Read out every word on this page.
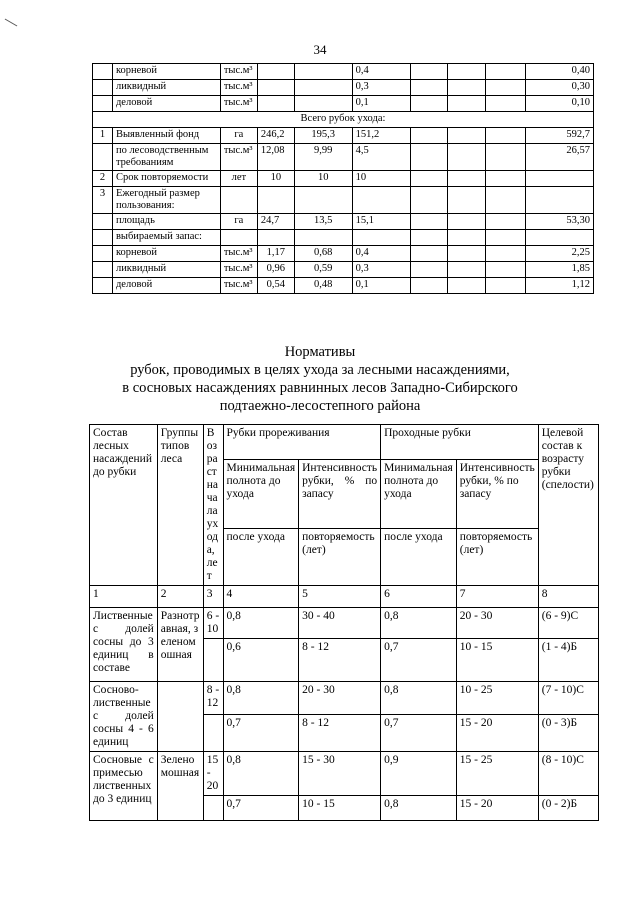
34
	корневой	тыс.м³			0,4				0,40
	ликвидный	тыс.м³			0,3				0,30
	деловой	тыс.м³			0,1				0,10
Всего рубок ухода:									
1	Выявленный фонд	га	246,2	195,3	151,2				592,7
	по лесоводственным требованиям	тыс.м³	12,08	9,99	4,5				26,57
2	Срок повторяемости	лет	10	10	10				
3	Ежегодный размер пользования:								
	площадь	га	24,7	13,5	15,1				53,30
	выбираемый запас:								
	корневой	тыс.м³	1,17	0,68	0,4				2,25
	ликвидный	тыс.м³	0,96	0,59	0,3				1,85
	деловой	тыс.м³	0,54	0,48	0,1				1,12
Нормативы
рубок, проводимых в целях ухода за лесными насаждениями,
в сосновых насаждениях равнинных лесов Западно-Сибирского
подтаежно-лесостепного района
Состав лесных насаждений до рубки	Группы типов леса	Возраст начала ухода, лет	Рубки прореживания		Проходные рубки		Целевой состав к возрасту рубки (спелости)
			Минимальная полнота до ухода	Интенсивность рубки, % по запасу	Минимальная полнота до ухода	Интенсивность рубки, % по запасу	
			после ухода	повторяемость (лет)	после ухода	повторяемость (лет)	
1	2	3	4	5	6	7	8
Лиственные с долей сосны до 3 единиц в составе	Разнотравная, зеленомошная	6 - 10	0,8	30 - 40	0,8	20 - 30	(6 - 9)С
			0,6	8 - 12	0,7	10 - 15	(1 - 4)Б
Сосново-лиственные с долей сосны 4 - 6 единиц		8 - 12	0,8	20 - 30	0,8	10 - 25	(7 - 10)С
			0,7	8 - 12	0,7	15 - 20	(0 - 3)Б
Сосновые с примесью лиственных до 3 единиц	Зеленомошная	15 - 20	0,8	15 - 30	0,9	15 - 25	(8 - 10)С
			0,7	10 - 15	0,8	15 - 20	(0 - 2)Б
